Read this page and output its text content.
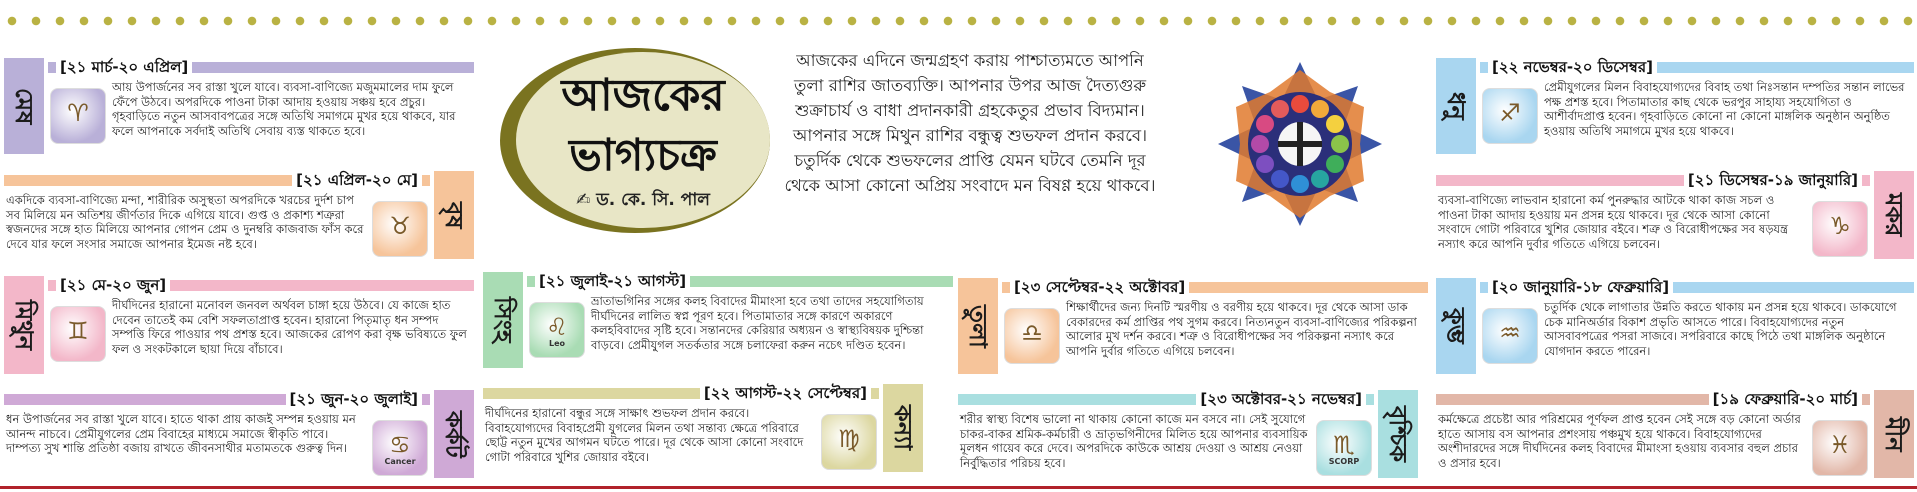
আজকের ভাগ্যচক্র
✍ ড. কে. সি. পাল
আজকের এদিনে জন্মগ্রহণ করায় পাশ্চাত্যমতে আপনি তুলা রাশির জাতব্যক্তি। আপনার উপর আজ দৈত্যগুরু শুক্রাচার্য ও বাধা প্রদানকারী গ্রহকেতুর প্রভাব বিদ্যমান। আপনার সঙ্গে মিথুন রাশির বন্ধুত্ব শুভফল প্রদান করবে। চতুর্দিক থেকে শুভফলের প্রাপ্তি যেমন ঘটবে তেমনি দূর থেকে আসা কোনো অপ্রিয় সংবাদে মন বিষণ্ণ হয়ে থাকবে।
মেষ
[২১ মার্চ-২০ এপ্রিল]
♈
আয় উপার্জনের সব রাস্তা খুলে যাবে। ব্যবসা-বাণিজ্যে মজুমমালের দাম ফুলে ফেঁপে উঠবে। অপরদিকে পাওনা টাকা আদায় হওয়ায় সঞ্চয় হবে প্রচুর। গৃহবাড়িতে নতুন আসবাবপত্রের সঙ্গে অতিথি সমাগমে মুখর হয়ে থাকবে, যার ফলে আপনাকে সর্বদাই অতিথি সেবায় ব্যস্ত থাকতে হবে।
বৃষ
[২১ এপ্রিল-২০ মে]
♉
একদিকে ব্যবসা-বাণিজ্যে মন্দা, শারীরিক অসুস্থতা অপরদিকে খরচের দুর্দশ চাপ সব মিলিয়ে মন অতিশয় জীর্ণতার দিকে এগিয়ে যাবে। গুপ্ত ও প্রকাশ্য শত্রুরা স্বজনদের সঙ্গে হাত মিলিয়ে আপনার গোপন প্রেম ও দুনম্বরি কাজবাজ ফাঁস করে দেবে যার ফলে সংসার সমাজে আপনার ইমেজ নষ্ট হবে।
মিথুন
[২১ মে-২০ জুন]
♊
দীর্ঘদিনের হারানো মনোবল জনবল অর্থবল চাঙ্গা হয়ে উঠবে। যে কাজে হাত দেবেন তাতেই কম বেশি সফলতাপ্রাপ্ত হবেন। হারানো পিতৃমাতৃ ধন সম্পদ সম্পত্তি ফিরে পাওয়ার পথ প্রশস্ত হবে। আজকের রোপণ করা বৃক্ষ ভবিষ্যতে ফুল ফল ও সংকটকালে ছায়া দিয়ে বাঁচাবে।
কর্কট
[২১ জুন-২০ জুলাই]
♋
Cancer
ধন উপার্জনের সব রাস্তা খুলে যাবে। হাতে থাকা প্রায় কাজই সম্পন্ন হওয়ায় মন আনন্দ নাচবে। প্রেমীযুগলের প্রেম বিবাহের মাধ্যমে সমাজে স্বীকৃতি পাবে। দাম্পত্য সুখ শান্তি প্রতিষ্ঠা বজায় রাখতে জীবনসাথীর মতামতকে গুরুত্ব দিন।
সিংহ
[২১ জুলাই-২১ আগস্ট]
♌
Leo
ভ্রাতাভগিনির সঙ্গের কলহ বিবাদের মীমাংসা হবে তথা তাদের সহযোগিতায় দীর্ঘদিনের লালিত স্বপ্ন পূরণ হবে। পিতামাতার সঙ্গে কারণে অকারণে কলহবিবাদের সৃষ্টি হবে। সন্তানদের কেরিয়ার অধ্যয়ন ও স্বাস্থ্যবিষয়ক দুশ্চিন্তা বাড়বে। প্রেমীযুগল সতর্কতার সঙ্গে চলাফেরা করুন নচেৎ দণ্ডিত হবেন।
কন্যা
[২২ আগস্ট-২২ সেপ্টেম্বর]
♍
দীর্ঘদিনের হারানো বন্ধুর সঙ্গে সাক্ষাৎ শুভফল প্রদান করবে। বিবাহযোগ্যদের বিবাহপ্রেমী যুগলের মিলন তথা সন্তাব্য ক্ষেত্রে পরিবারে ছোট্ট নতুন মুখের আগমন ঘটতে পারে। দূর থেকে আসা কোনো সংবাদে গোটা পরিবারে খুশির জোয়ার বইবে।
তুলা
[২৩ সেপ্টেম্বর-২২ অক্টোবর]
♎
শিক্ষার্থীদের জন্য দিনটি স্মরণীয় ও বরণীয় হয়ে থাকবে। দূর থেকে আসা ডাক বেকারদের কর্ম প্রাপ্তির পথ সুগম করবে। নিত্যনতুন ব্যবসা-বাণিজ্যের পরিকল্পনা আলোর মুখ দর্শন করবে। শত্রু ও বিরোধীপক্ষের সব পরিকল্পনা নস্যাৎ করে আপনি দুর্বার গতিতে এগিয়ে চলবেন।
বৃশ্চিক
[২৩ অক্টোবর-২১ নভেম্বর]
♏
SCORP
শরীর স্বাস্থ্য বিশেষ ভালো না থাকায় কোনো কাজে মন বসবে না। সেই সুযোগে চাকর-বাকর শ্রমিক-কর্মচারী ও ভ্রাতৃভগিনীদের মিলিত হয়ে আপনার ব্যবসায়িক মূলধন গায়েব করে দেবে। অপরদিকে কাউকে আশ্রয় দেওয়া ও আশ্রয় নেওয়া নির্বুদ্ধিতার পরিচয় হবে।
ধনু
[২২ নভেম্বর-২০ ডিসেম্বর]
♐
প্রেমীযুগলের মিলন বিবাহযোগ্যদের বিবাহ তথা নিঃসন্তান দম্পতির সন্তান লাভের পক্ষ প্রশস্ত হবে। পিতামাতার কাছ থেকে ভরপুর সাহায্য সহযোগিতা ও আশীর্বাদপ্রাপ্ত হবেন। গৃহবাড়িতে কোনো না কোনো মাঙ্গলিক অনুষ্ঠান অনুষ্ঠিত হওয়ায় অতিথি সমাগমে মুখর হয়ে থাকবে।
মকর
[২১ ডিসেম্বর-১৯ জানুয়ারি]
♑
ব্যবসা-বাণিজ্যে লাভবান হারানো কর্ম পুনরুদ্ধার আটকে থাকা কাজ সচল ও পাওনা টাকা আদায় হওয়ায় মন প্রসন্ন হয়ে থাকবে। দূর থেকে আসা কোনো সংবাদে গোটা পরিবারে খুশির জোয়ার বইবে। শত্রু ও বিরোধীপক্ষের সব ষড়যন্ত্র নস্যাৎ করে আপনি দুর্বার গতিতে এগিয়ে চলবেন।
কুম্ভ
[২০ জানুয়ারি-১৮ ফেব্রুয়ারি]
♒
চতুর্দিক থেকে লাগাতার উন্নতি করতে থাকায় মন প্রসন্ন হয়ে থাকবে। ডাকযোগে চেক মানিঅর্ডার বিকাশ প্রভৃতি আসতে পারে। বিবাহযোগ্যদের নতুন আসবাবপত্রের পসরা সাজবে। সপরিবারে কাছে পিঠে তথা মাঙ্গলিক অনুষ্ঠানে যোগদান করতে পারেন।
মীন
[১৯ ফেব্রুয়ারি-২০ মার্চ]
♓
কর্মক্ষেত্রে প্রচেষ্টা আর পরিশ্রমের পূর্ণফল প্রাপ্ত হবেন সেই সঙ্গে বড় কোনো অর্ডার হাতে আসায় বস আপনার প্রশংসায় পঞ্চমুখ হয়ে থাকবে। বিবাহযোগ্যদের অংশীদারদের সঙ্গে দীর্ঘদিনের কলহ বিবাদের মীমাংসা হওয়ায় ব্যবসার বহুল প্রচার ও প্রসার হবে।
